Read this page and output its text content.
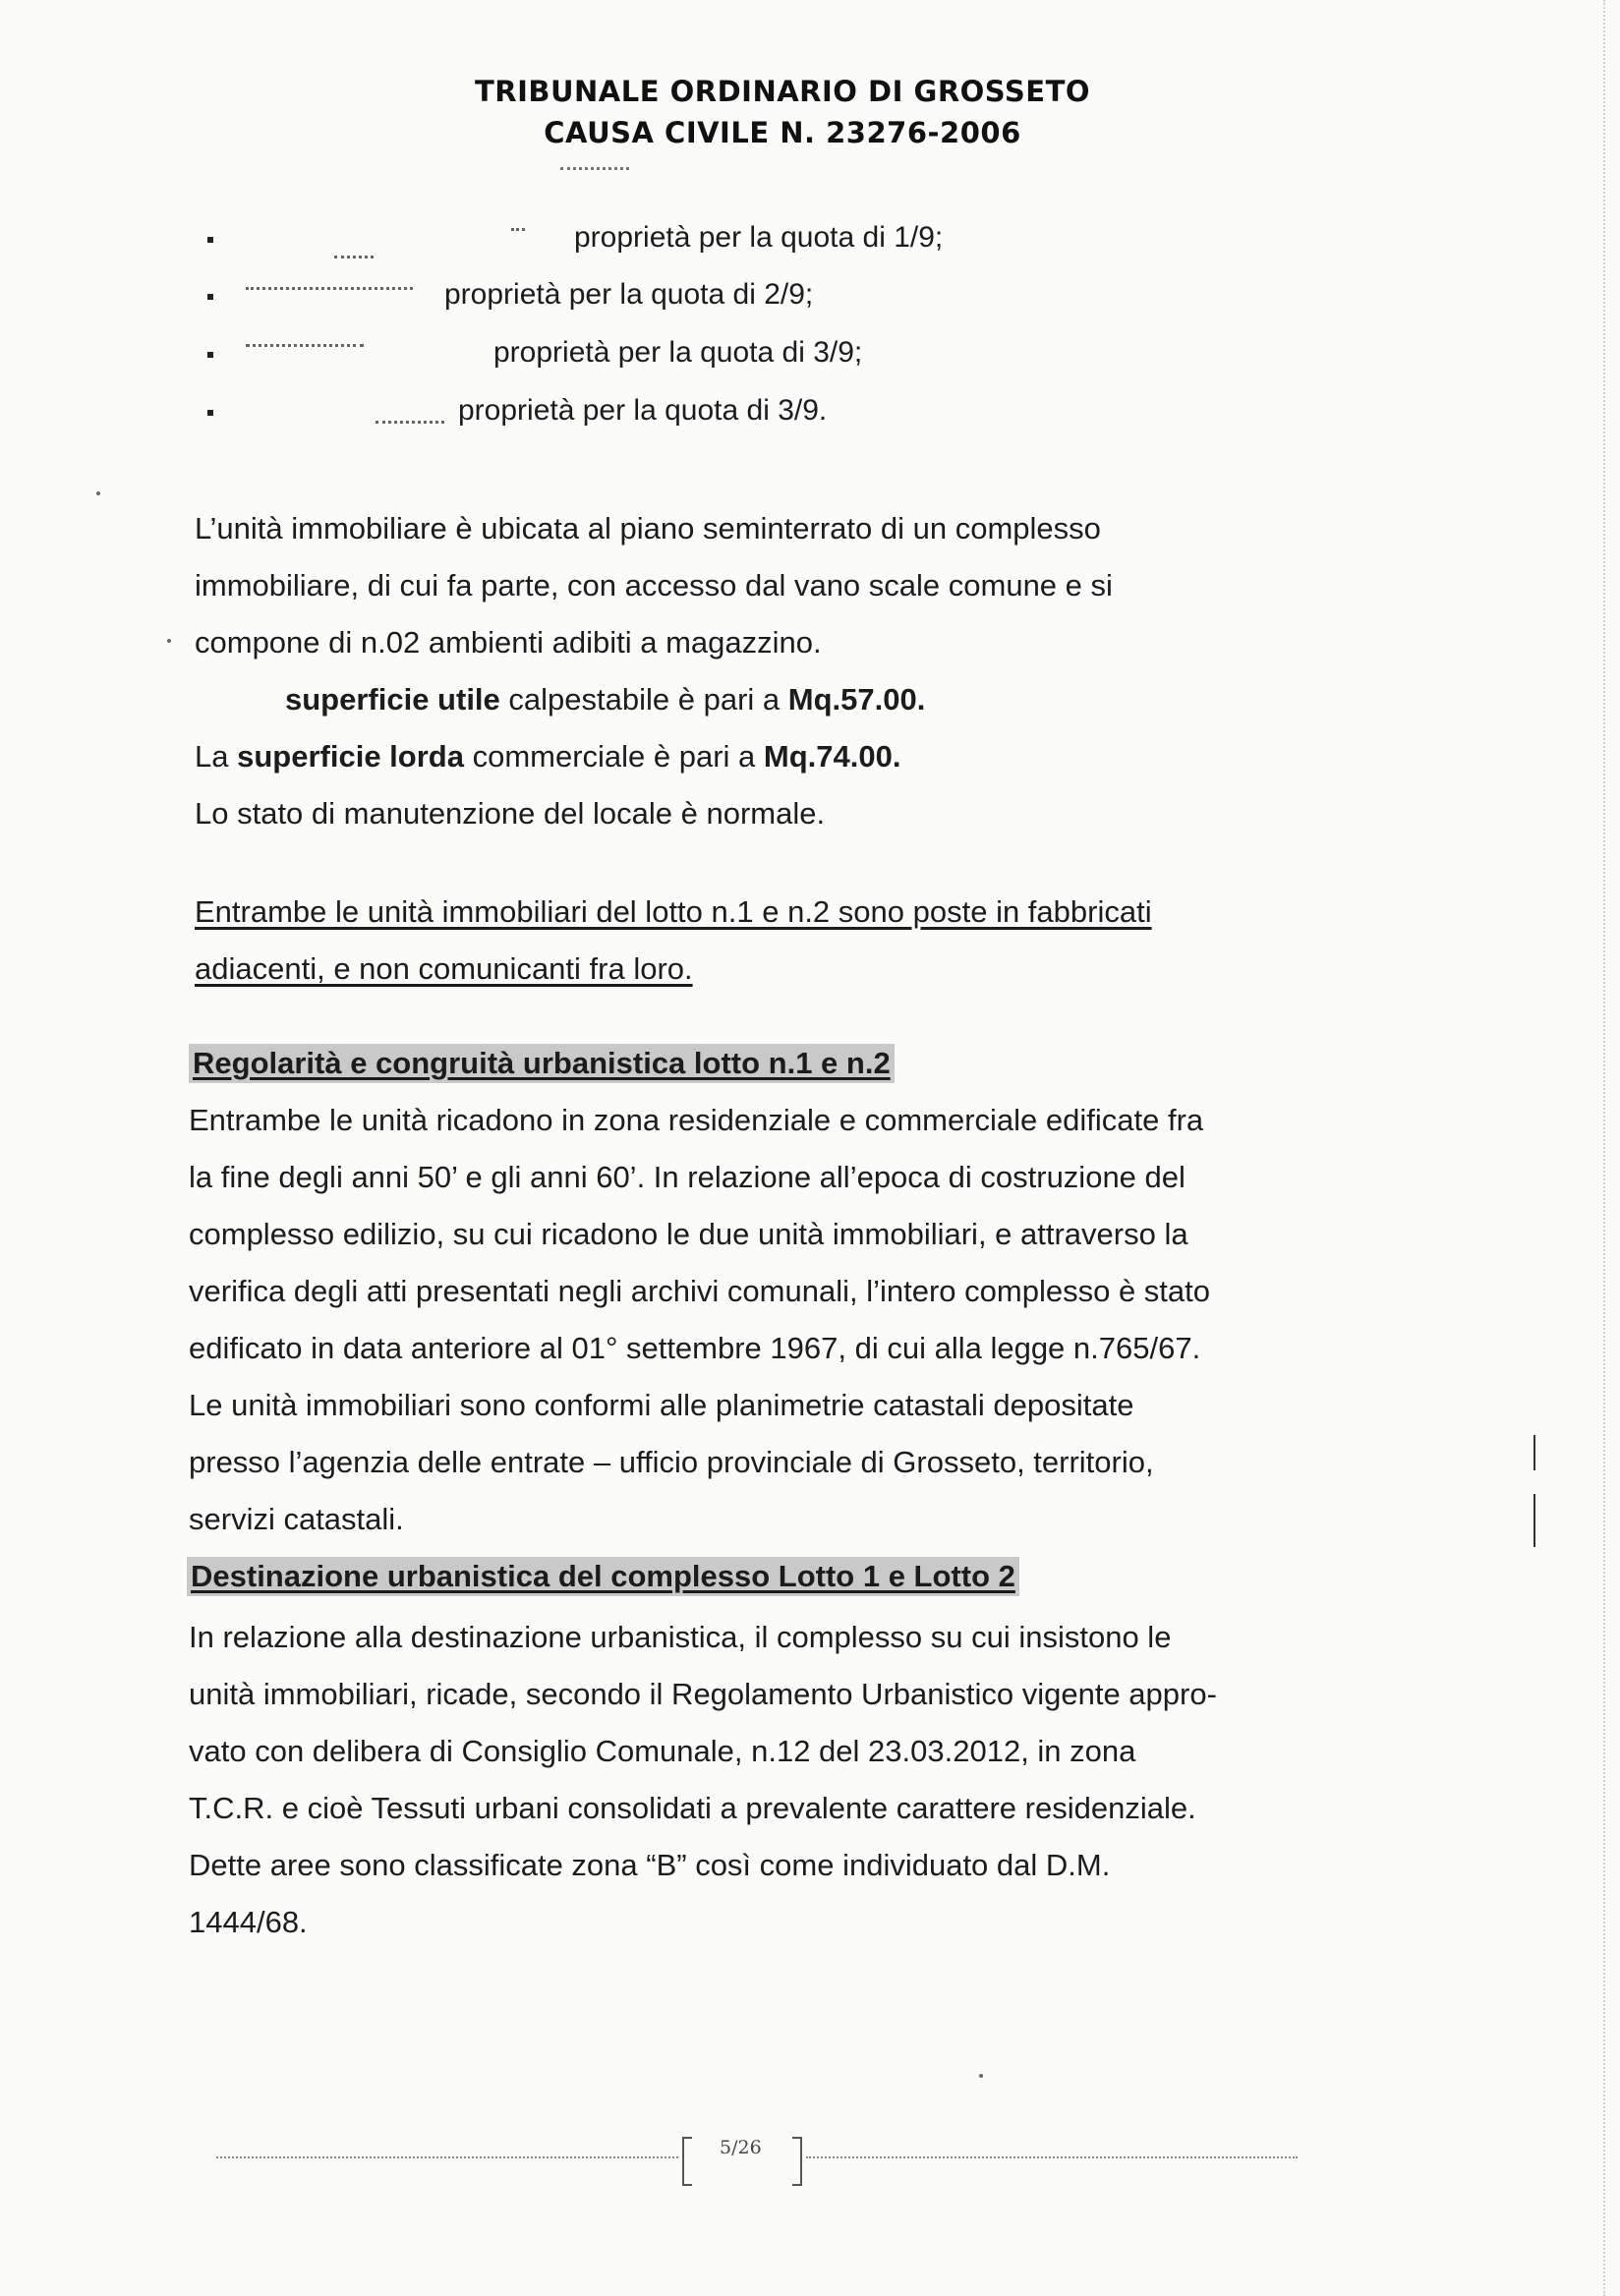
TRIBUNALE ORDINARIO DI GROSSETO
CAUSA CIVILE N. 23276-2006
proprietà per la quota di 1/9;
proprietà per la quota di 2/9;
proprietà per la quota di 3/9;
proprietà per la quota di 3/9.
L’unità immobiliare è ubicata al piano seminterrato di un complesso
immobiliare, di cui fa parte, con accesso dal vano scale comune e si
compone di n.02 ambienti adibiti a magazzino.
superficie utile calpestabile è pari a Mq.57.00.
La superficie lorda commerciale è pari a Mq.74.00.
Lo stato di manutenzione del locale è normale.
Entrambe le unità immobiliari del lotto n.1 e n.2 sono poste in fabbricati
adiacenti, e non comunicanti fra loro.
Regolarità e congruità urbanistica lotto n.1 e n.2
Entrambe le unità ricadono in zona residenziale e commerciale edificate fra
la fine degli anni 50’ e gli anni 60’. In relazione all’epoca di costruzione del
complesso edilizio, su cui ricadono le due unità immobiliari, e attraverso la
verifica degli atti presentati negli archivi comunali, l’intero complesso è stato
edificato in data anteriore al 01° settembre 1967, di cui alla legge n.765/67.
Le unità immobiliari sono conformi alle planimetrie catastali depositate
presso l’agenzia delle entrate – ufficio provinciale di Grosseto, territorio,
servizi catastali.
Destinazione urbanistica del complesso Lotto 1 e Lotto 2
In relazione alla destinazione urbanistica, il complesso su cui insistono le
unità immobiliari, ricade, secondo il Regolamento Urbanistico vigente appro-
vato con delibera di Consiglio Comunale, n.12 del 23.03.2012, in zona
T.C.R. e cioè Tessuti urbani consolidati a prevalente carattere residenziale.
Dette aree sono classificate zona “B” così come individuato dal D.M.
1444/68.
5/26
